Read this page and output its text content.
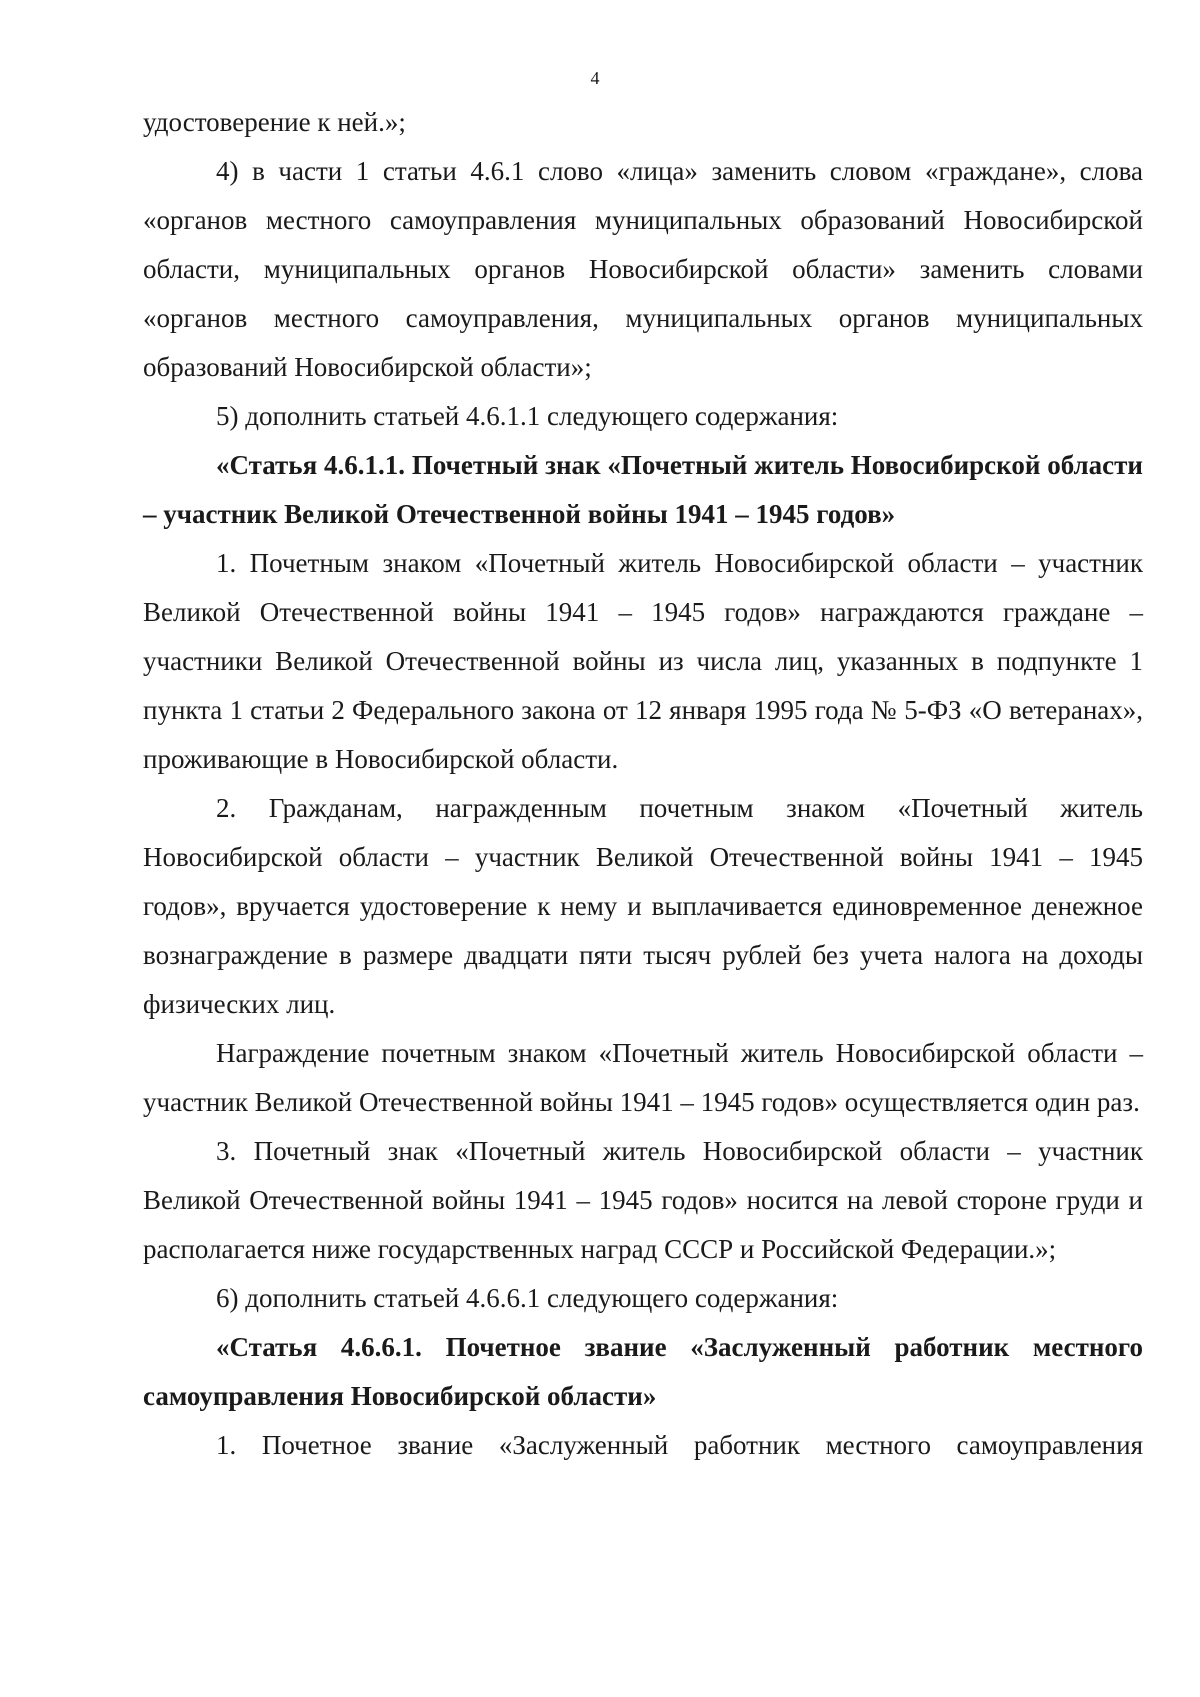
4

удостоверение к ней.»;

4) в части 1 статьи 4.6.1 слово «лица» заменить словом «граждане», слова «органов местного самоуправления муниципальных образований Новосибирской области, муниципальных органов Новосибирской области» заменить словами «органов местного самоуправления, муниципальных органов муниципальных образований Новосибирской области»;

5) дополнить статьей 4.6.1.1 следующего содержания:

«Статья 4.6.1.1. Почетный знак «Почетный житель Новосибирской области – участник Великой Отечественной войны 1941 – 1945 годов»

1. Почетным знаком «Почетный житель Новосибирской области – участник Великой Отечественной войны 1941 – 1945 годов» награждаются граждане – участники Великой Отечественной войны из числа лиц, указанных в подпункте 1 пункта 1 статьи 2 Федерального закона от 12 января 1995 года № 5-ФЗ «О ветеранах», проживающие в Новосибирской области.

2. Гражданам, награжденным почетным знаком «Почетный житель Новосибирской области – участник Великой Отечественной войны 1941 – 1945 годов», вручается удостоверение к нему и выплачивается единовременное денежное вознаграждение в размере двадцати пяти тысяч рублей без учета налога на доходы физических лиц.

Награждение почетным знаком «Почетный житель Новосибирской области – участник Великой Отечественной войны 1941 – 1945 годов» осуществляется один раз.

3. Почетный знак «Почетный житель Новосибирской области – участник Великой Отечественной войны 1941 – 1945 годов» носится на левой стороне груди и располагается ниже государственных наград СССР и Российской Федерации.»;

6) дополнить статьей 4.6.6.1 следующего содержания:

«Статья 4.6.6.1. Почетное звание «Заслуженный работник местного самоуправления Новосибирской области»

1. Почетное звание «Заслуженный работник местного самоуправления
